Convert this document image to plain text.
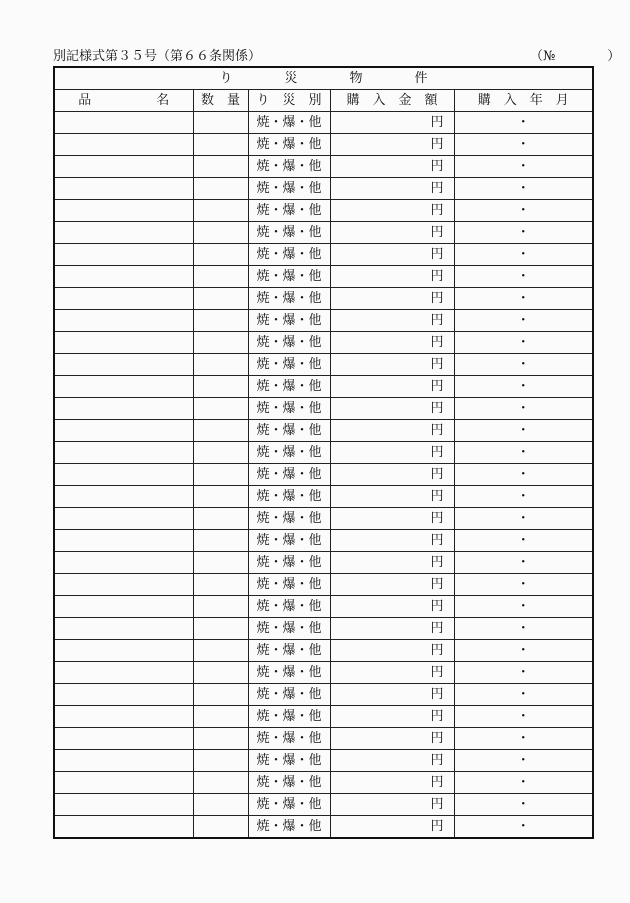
別記様式第３５号（第６６条関係）	（№　　　　）
り　　　　災　　　　物　　　　件				
品　　　　　名	数　量	り　災　別	購　入　金　額	購　入　年　月
		焼・爆・他	円	・
		焼・爆・他	円	・
		焼・爆・他	円	・
		焼・爆・他	円	・
		焼・爆・他	円	・
		焼・爆・他	円	・
		焼・爆・他	円	・
		焼・爆・他	円	・
		焼・爆・他	円	・
		焼・爆・他	円	・
		焼・爆・他	円	・
		焼・爆・他	円	・
		焼・爆・他	円	・
		焼・爆・他	円	・
		焼・爆・他	円	・
		焼・爆・他	円	・
		焼・爆・他	円	・
		焼・爆・他	円	・
		焼・爆・他	円	・
		焼・爆・他	円	・
		焼・爆・他	円	・
		焼・爆・他	円	・
		焼・爆・他	円	・
		焼・爆・他	円	・
		焼・爆・他	円	・
		焼・爆・他	円	・
		焼・爆・他	円	・
		焼・爆・他	円	・
		焼・爆・他	円	・
		焼・爆・他	円	・
		焼・爆・他	円	・
		焼・爆・他	円	・
		焼・爆・他	円	・
